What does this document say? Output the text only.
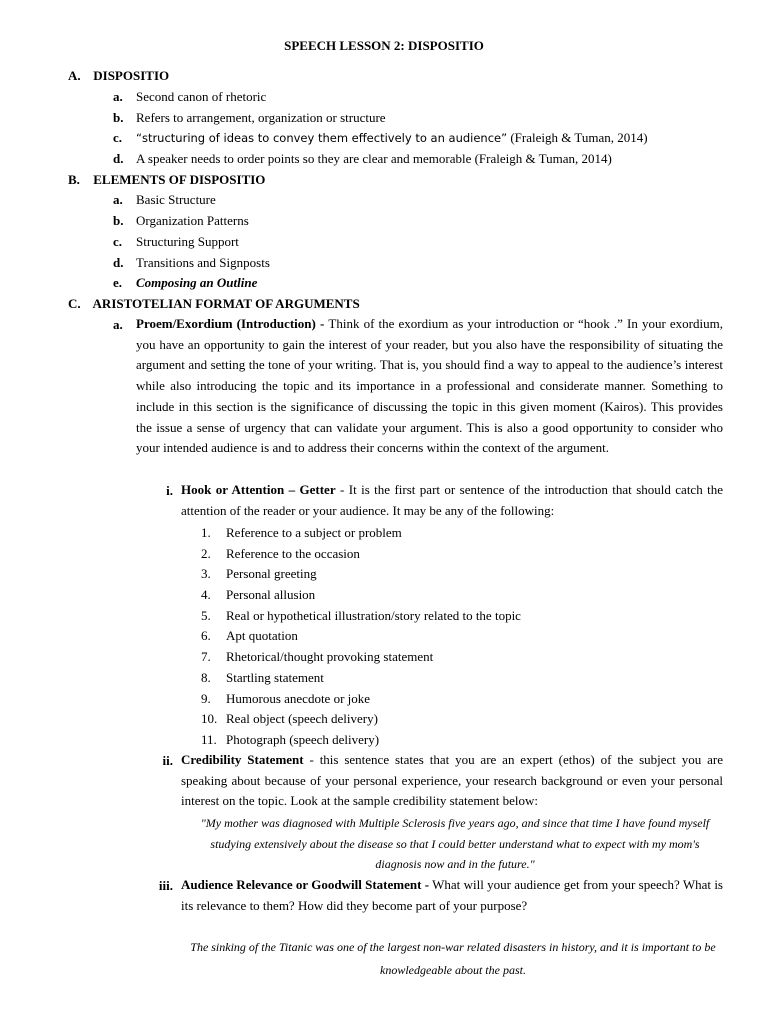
SPEECH LESSON 2: DISPOSITIO
A. DISPOSITIO
a. Second canon of rhetoric
b. Refers to arrangement, organization or structure
c. “structuring of ideas to convey them effectively to an audience” (Fraleigh & Tuman, 2014)
d. A speaker needs to order points so they are clear and memorable (Fraleigh & Tuman, 2014)
B. ELEMENTS OF DISPOSITIO
a. Basic Structure
b. Organization Patterns
c. Structuring Support
d. Transitions and Signposts
e. Composing an Outline
C. ARISTOTELIAN FORMAT OF ARGUMENTS
a.	Proem/Exordium (Introduction) - Think of the exordium as your introduction or “hook .” In your exordium, you have an opportunity to gain the interest of your reader, but you also have the responsibility of situating the argument and setting the tone of your writing. That is, you should find a way to appeal to the audience’s interest while also introducing the topic and its importance in a professional and considerate manner. Something to include in this section is the significance of discussing the topic in this given moment (Kairos). This provides the issue a sense of urgency that can validate your argument. This is also a good opportunity to consider who your intended audience is and to address their concerns within the context of the argument.
i. Hook or Attention – Getter - It is the first part or sentence of the introduction that should catch the attention of the reader or your audience. It may be any of the following:
1. Reference to a subject or problem
2. Reference to the occasion
3. Personal greeting
4. Personal allusion
5. Real or hypothetical illustration/story related to the topic
6. Apt quotation
7. Rhetorical/thought provoking statement
8. Startling statement
9. Humorous anecdote or joke
10. Real object (speech delivery)
11. Photograph (speech delivery)
ii. Credibility Statement - this sentence states that you are an expert (ethos) of the subject you are speaking about because of your personal experience, your research background or even your personal interest on the topic. Look at the sample credibility statement below:
"My mother was diagnosed with Multiple Sclerosis five years ago, and since that time I have found myself studying extensively about the disease so that I could better understand what to expect with my mom's diagnosis now and in the future."
iii. Audience Relevance or Goodwill Statement - What will your audience get from your speech? What is its relevance to them? How did they become part of your purpose?
The sinking of the Titanic was one of the largest non-war related disasters in history, and it is important to be knowledgeable about the past.
